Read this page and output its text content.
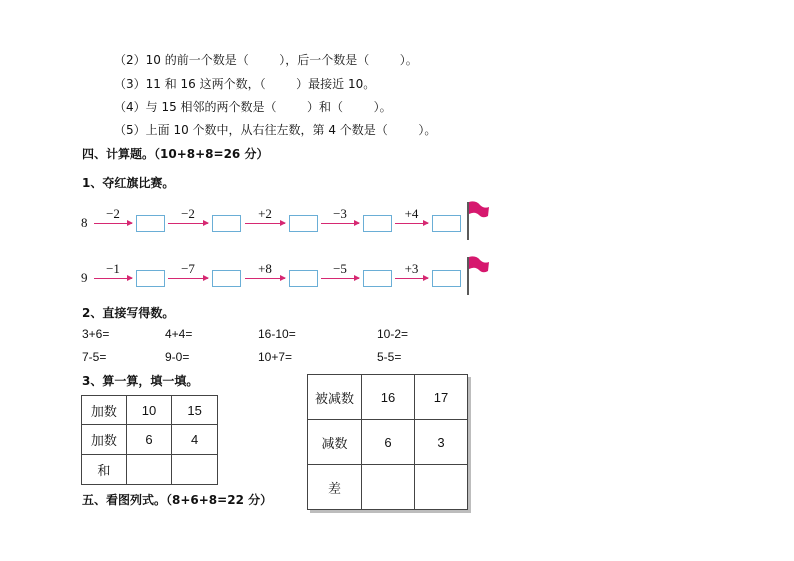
（2）10 的前一个数是（        ），后一个数是（        ）。
（3）11 和 16 这两个数，（        ）最接近 10。
（4）与 15 相邻的两个数是（        ）和（        ）。
（5）上面 10 个数中，从右往左数，第 4 个数是（        ）。
四、计算题。（10+8+8=26 分）
1、夺红旗比赛。
8
−2	−2	+2	−3	+4
9
−1	−7	+8	−5	+3
2、直接写得数。
3+6=	4+4=	16-10=	10-2=
7-5=	9-0=	10+7=	5-5=
3、算一算，填一填。
加数	10	15
加数	6	4
和		
被减数	16	17
减数	6	3
差		
五、看图列式。（8+6+8=22 分）
